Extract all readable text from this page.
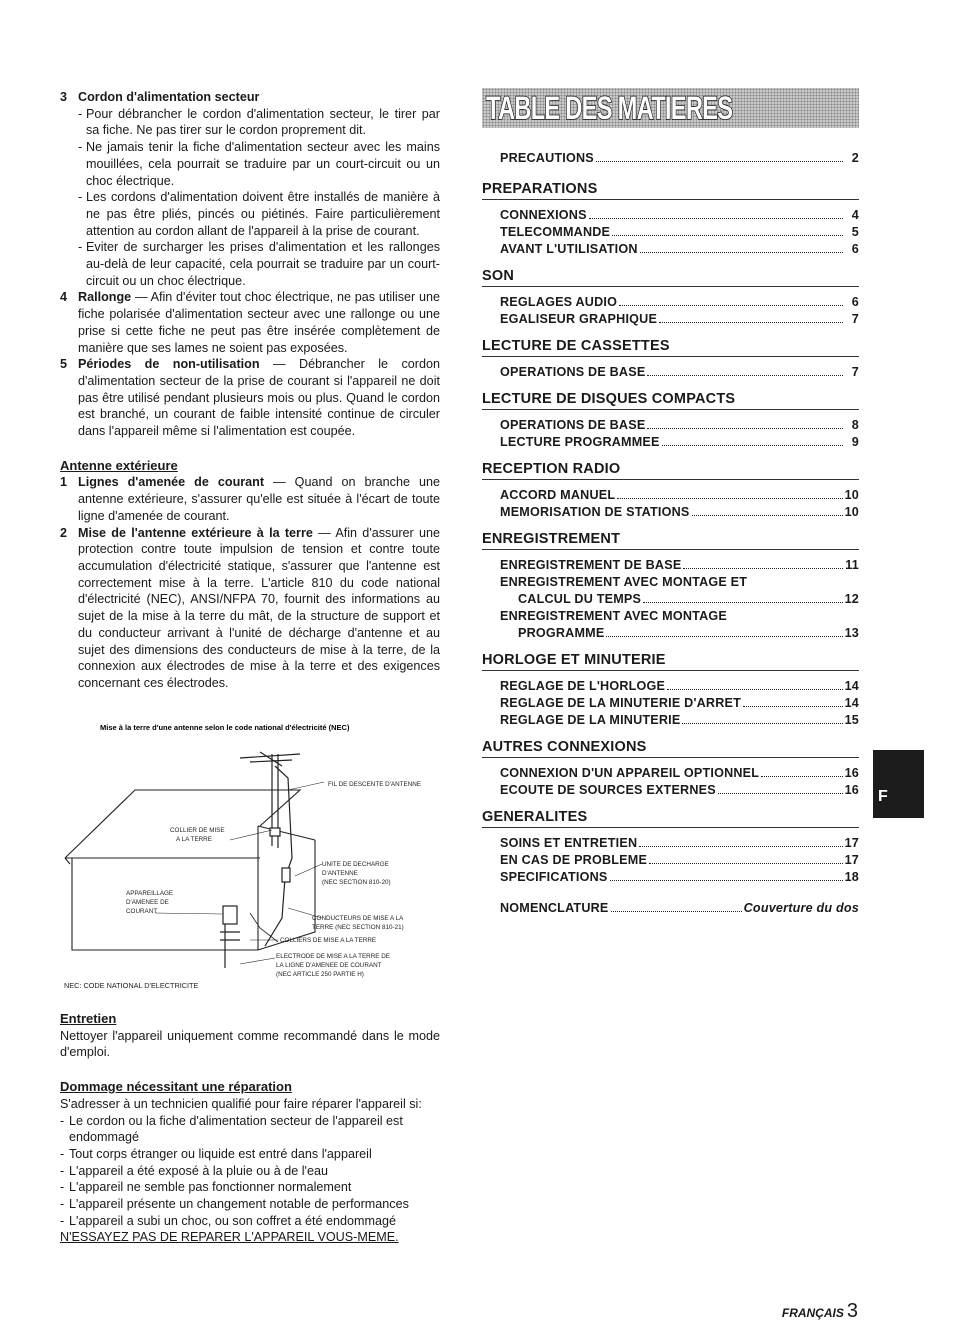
3 Cordon d'alimentation secteur
- Pour débrancher le cordon d'alimentation secteur, le tirer par sa fiche. Ne pas tirer sur le cordon proprement dit.
- Ne jamais tenir la fiche d'alimentation secteur avec les mains mouillées, cela pourrait se traduire par un court-circuit ou un choc électrique.
- Les cordons d'alimentation doivent être installés de manière à ne pas être pliés, pincés ou piétinés. Faire particulièrement attention au cordon allant de l'appareil à la prise de courant.
- Eviter de surcharger les prises d'alimentation et les rallonges au-delà de leur capacité, cela pourrait se traduire par un court-circuit ou un choc électrique.
4 Rallonge — Afin d'éviter tout choc électrique, ne pas utiliser une fiche polarisée d'alimentation secteur avec une rallonge ou une prise si cette fiche ne peut pas être insérée complètement de manière que ses lames ne soient pas exposées.
5 Périodes de non-utilisation — Débrancher le cordon d'alimentation secteur de la prise de courant si l'appareil ne doit pas être utilisé pendant plusieurs mois ou plus. Quand le cordon est branché, un courant de faible intensité continue de circuler dans l'appareil même si l'alimentation est coupée.
Antenne extérieure
1 Lignes d'amenée de courant — Quand on branche une antenne extérieure, s'assurer qu'elle est située à l'écart de toute ligne d'amenée de courant.
2 Mise de l'antenne extérieure à la terre — Afin d'assurer une protection contre toute impulsion de tension et contre toute accumulation d'électricité statique, s'assurer que l'antenne est correctement mise à la terre. L'article 810 du code national d'électricité (NEC), ANSI/NFPA 70, fournit des informations au sujet de la mise à la terre du mât, de la structure de support et du conducteur arrivant à l'unité de décharge d'antenne et au sujet des dimensions des conducteurs de mise à la terre, de la connexion aux électrodes de mise à la terre et des exigences concernant ces électrodes.
Mise à la terre d'une antenne selon le code national d'électricité (NEC)
FIL DE DESCENTE D'ANTENNE
COLLIER DE MISE
A LA TERRE
UNITE DE DECHARGE
D'ANTENNE
(NEC SECTION 810-20)
APPAREILLAGE
D'AMENEE DE
COURANT
CONDUCTEURS DE MISE A LA
TERRE (NEC SECTION 810-21)
COLLIERS DE MISE A LA TERRE
ELECTRODE DE MISE A LA TERRE DE
LA LIGNE D'AMENEE DE COURANT
(NEC ARTICLE 250 PARTIE H)
NEC: CODE NATIONAL D'ELECTRICITE
Entretien
Nettoyer l'appareil uniquement comme recommandé dans le mode d'emploi.
Dommage nécessitant une réparation
S'adresser à un technicien qualifié pour faire réparer l'appareil si:
- Le cordon ou la fiche d'alimentation secteur de l'appareil est endommagé
- Tout corps étranger ou liquide est entré dans l'appareil
- L'appareil a été exposé à la pluie ou à de l'eau
- L'appareil ne semble pas fonctionner normalement
- L'appareil présente un changement notable de performances
- L'appareil a subi un choc, ou son coffret a été endommagé
N'ESSAYEZ PAS DE REPARER L'APPAREIL VOUS-MEME.
TABLE DES MATIERES
PRECAUTIONS	2
PREPARATIONS
CONNEXIONS	4
TELECOMMANDE	5
AVANT L'UTILISATION	6
SON
REGLAGES AUDIO	6
EGALISEUR GRAPHIQUE	7
LECTURE DE CASSETTES
OPERATIONS DE BASE	7
LECTURE DE DISQUES COMPACTS
OPERATIONS DE BASE	8
LECTURE PROGRAMMEE	9
RECEPTION RADIO
ACCORD MANUEL	10
MEMORISATION DE STATIONS	10
ENREGISTREMENT
ENREGISTREMENT DE BASE	11
ENREGISTREMENT AVEC MONTAGE ET
CALCUL DU TEMPS	12
ENREGISTREMENT AVEC MONTAGE
PROGRAMME	13
HORLOGE ET MINUTERIE
REGLAGE DE L'HORLOGE	14
REGLAGE DE LA MINUTERIE D'ARRET	14
REGLAGE DE LA MINUTERIE	15
AUTRES CONNEXIONS
CONNEXION D'UN APPAREIL OPTIONNEL	16
ECOUTE DE SOURCES EXTERNES	16
GENERALITES
SOINS ET ENTRETIEN	17
EN CAS DE PROBLEME	17
SPECIFICATIONS	18
NOMENCLATURE	Couverture du dos
F
FRANÇAIS 3
